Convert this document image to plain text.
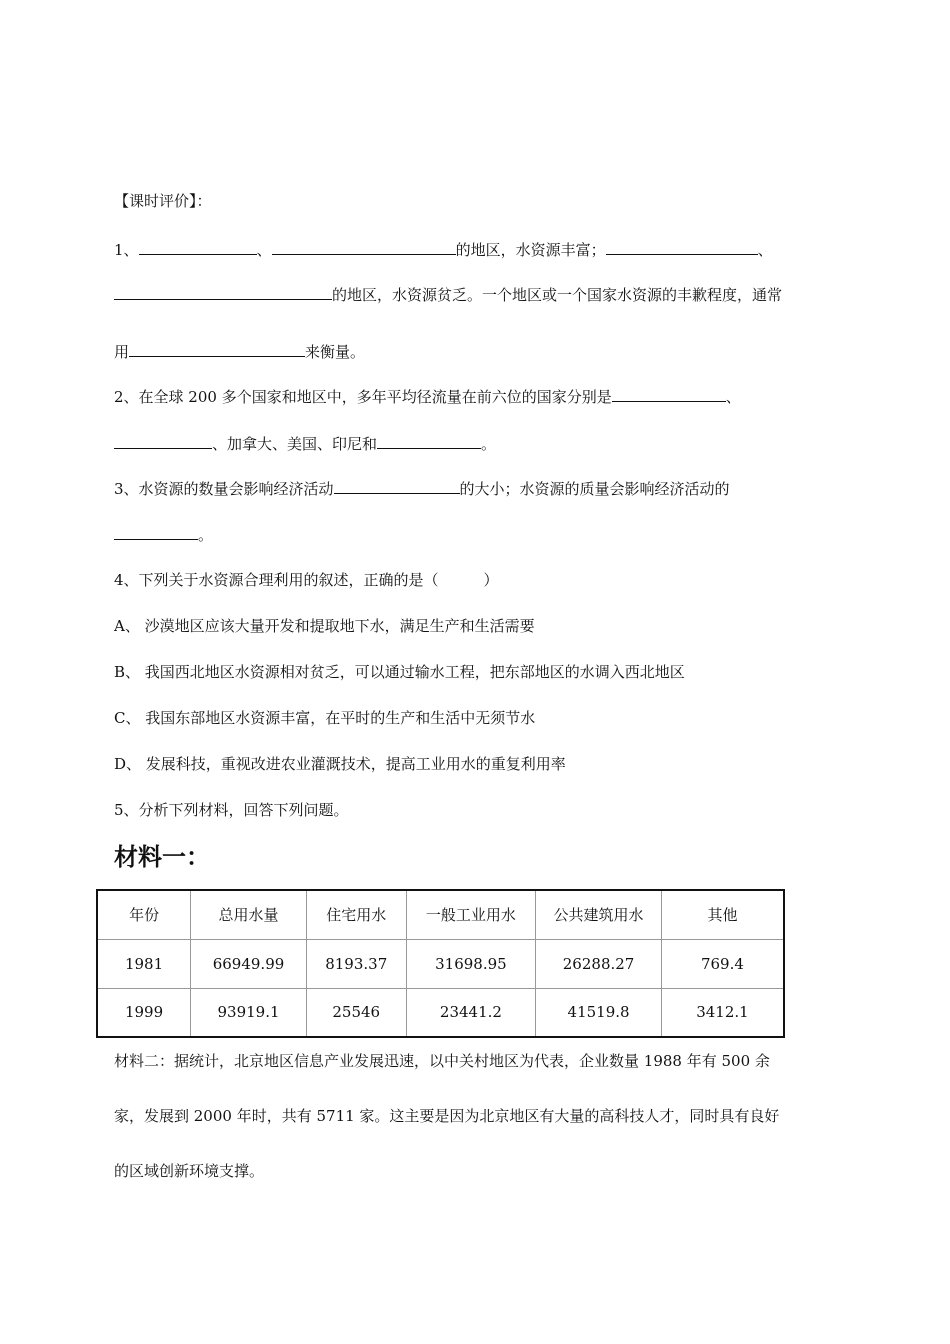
【课时评价】：
1、	、	的地区，水资源丰富；	、
的地区，水资源贫乏。一个地区或一个国家水资源的丰歉程度，通常
用	来衡量。
2、在全球 200 多个国家和地区中，多年平均径流量在前六位的国家分别是	、
、加拿大、美国、印尼和	。
3、水资源的数量会影响经济活动	的大小；水资源的质量会影响经济活动的
。
4、下列关于水资源合理利用的叙述，正确的是（　　　）
A、 沙漠地区应该大量开发和提取地下水，满足生产和生活需要
B、 我国西北地区水资源相对贫乏，可以通过输水工程，把东部地区的水调入西北地区
C、 我国东部地区水资源丰富，在平时的生产和生活中无须节水
D、 发展科技，重视改进农业灌溉技术，提高工业用水的重复利用率
5、分析下列材料，回答下列问题。
材料一：
年份	总用水量	住宅用水	一般工业用水	公共建筑用水	其他
1981	66949.99	8193.37	31698.95	26288.27	769.4
1999	93919.1	25546	23441.2	41519.8	3412.1
材料二：据统计，北京地区信息产业发展迅速，以中关村地区为代表，企业数量 1988 年有 500 余
家，发展到 2000 年时，共有 5711 家。这主要是因为北京地区有大量的高科技人才，同时具有良好
的区域创新环境支撑。
